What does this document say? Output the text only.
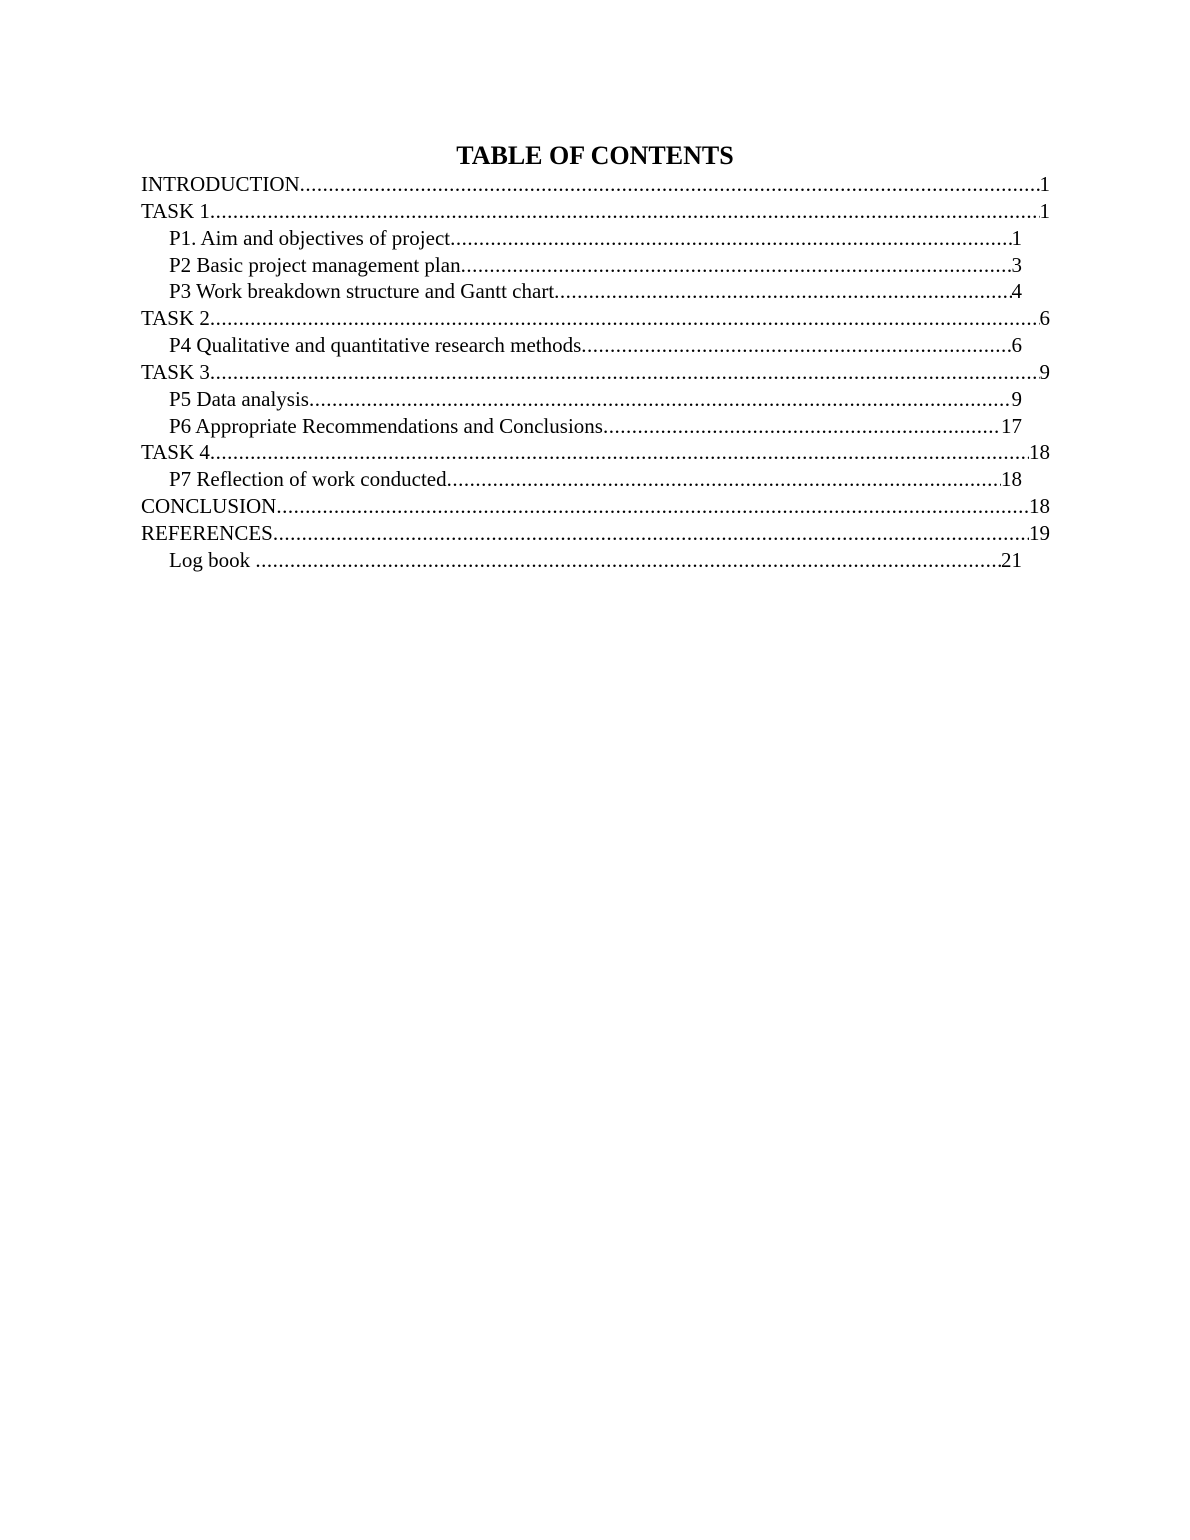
TABLE OF CONTENTS
INTRODUCTION .....	1
TASK 1 .....	1
P1. Aim and objectives of project .....	1
P2 Basic project management plan .....	3
P3 Work breakdown structure and Gantt chart .....	4
TASK 2 .....	6
P4 Qualitative and quantitative research methods .....	6
TASK 3 .....	9
P5 Data analysis .....	9
P6 Appropriate Recommendations and Conclusions .....	17
TASK 4 .....	18
P7 Reflection of work conducted .....	18
CONCLUSION .....	18
REFERENCES .....	19
Log book .....	21
